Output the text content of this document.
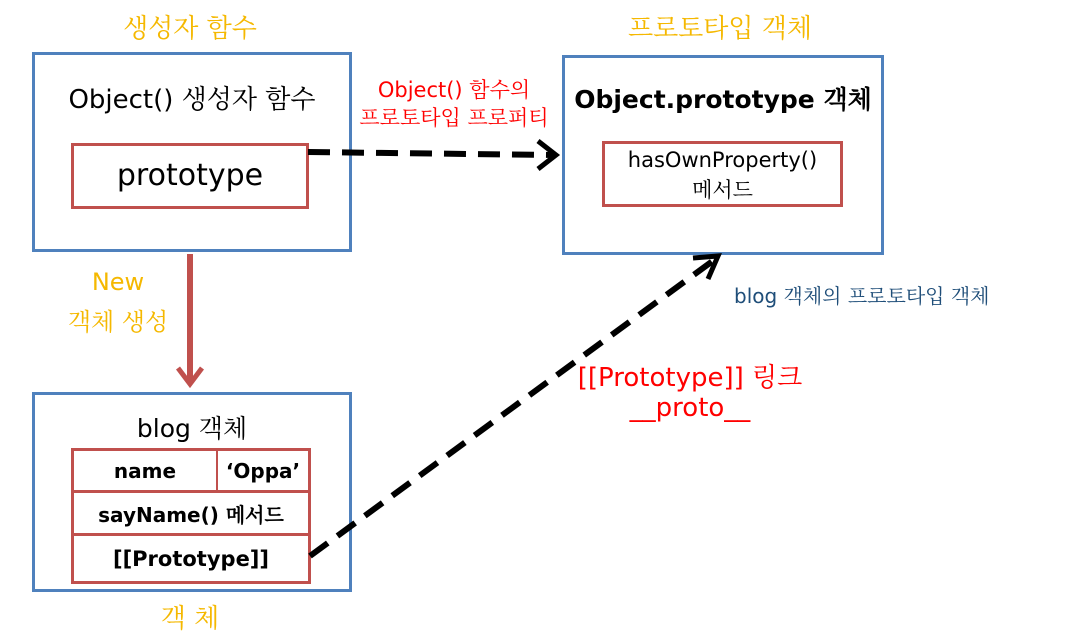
생성자 함수	프로토타입 객체
Object() 생성자 함수
prototype
Object.prototype 객체
hasOwnProperty()
메서드
blog 객체
name	‘Oppa’
sayName() 메서드
[[Prototype]]
객 체
Object() 함수의
프로토타입 프로퍼티
New
객체 생성
blog 객체의 프로토타입 객체
[[Prototype]] 링크
__proto__
